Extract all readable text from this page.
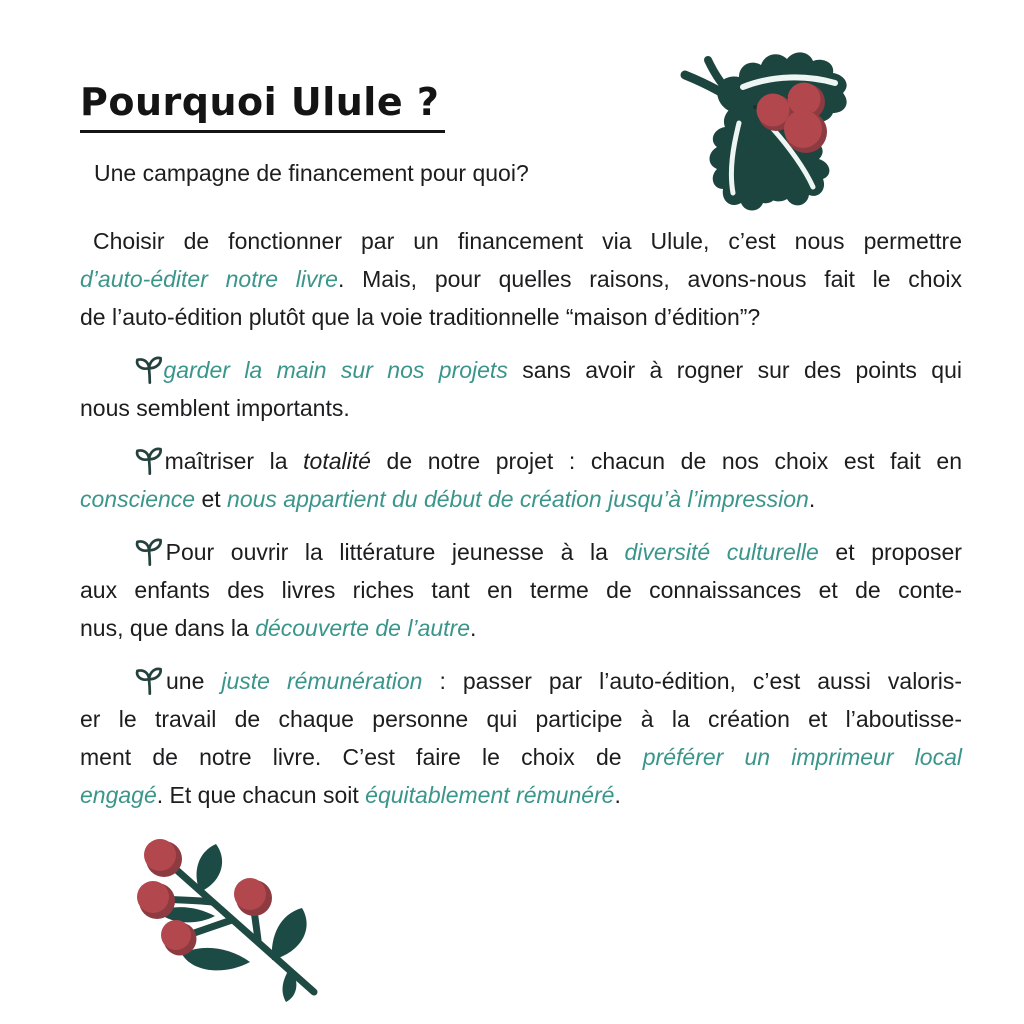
Pourquoi Ulule ?
Une campagne de financement pour quoi?
Choisir de fonctionner par un financement via Ulule, c’est nous permettre
d’auto-éditer notre livre. Mais, pour quelles raisons, avons-nous fait le choix
de l’auto-édition plutôt que la voie traditionnelle “maison d’édition”?
garder la main sur nos projets sans avoir à rogner sur des points qui
nous semblent importants.
maîtriser la totalité de notre projet : chacun de nos choix est fait en
conscience et nous appartient du début de création jusqu’à l’impression.
Pour ouvrir la littérature jeunesse à la diversité culturelle et proposer
aux enfants des livres riches tant en terme de connaissances et de conte-
nus, que dans la découverte de l’autre.
une juste rémunération : passer par l’auto-édition, c’est aussi valoris-
er le travail de chaque personne qui participe à la création et l’aboutisse-
ment de notre livre. C’est faire le choix de préférer un imprimeur local
engagé. Et que chacun soit équitablement rémunéré.
